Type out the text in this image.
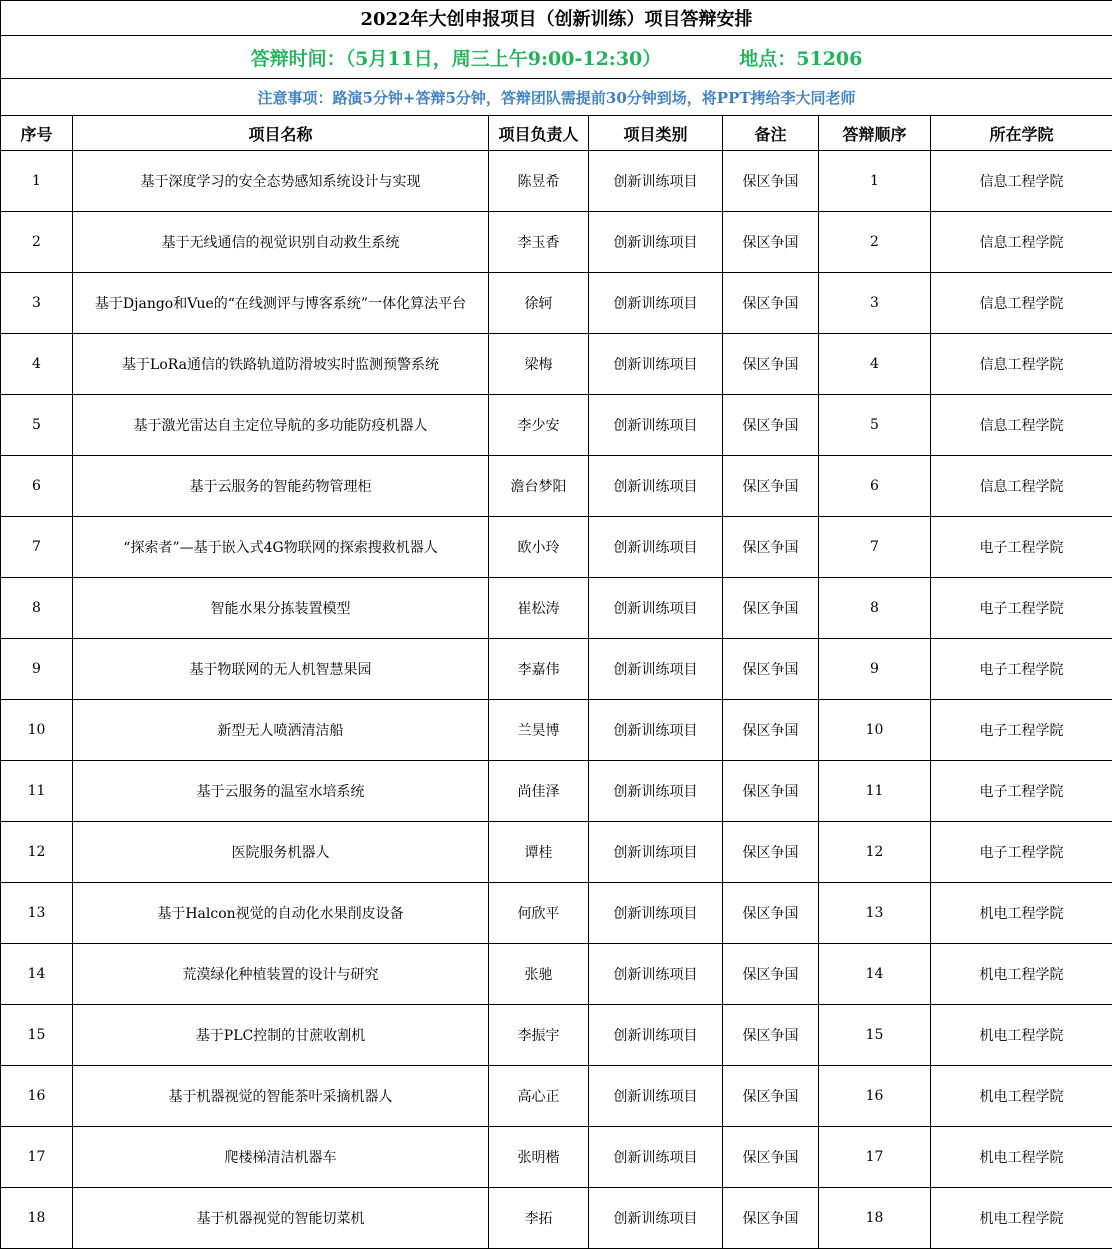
2022年大创申报项目（创新训练）项目答辩安排						
答辩时间：（5月11日，周三上午9:00-12:30） 地点：51206						
注意事项：路演5分钟+答辩5分钟，答辩团队需提前30分钟到场，将PPT拷给李大同老师						
序号	项目名称	项目负责人	项目类别	备注	答辩顺序	所在学院
1	基于深度学习的安全态势感知系统设计与实现	陈昱希	创新训练项目	保区争国	1	信息工程学院
2	基于无线通信的视觉识别自动救生系统	李玉香	创新训练项目	保区争国	2	信息工程学院
3	基于Django和Vue的“在线测评与博客系统”一体化算法平台	徐轲	创新训练项目	保区争国	3	信息工程学院
4	基于LoRa通信的铁路轨道防滑坡实时监测预警系统	梁梅	创新训练项目	保区争国	4	信息工程学院
5	基于激光雷达自主定位导航的多功能防疫机器人	李少安	创新训练项目	保区争国	5	信息工程学院
6	基于云服务的智能药物管理柜	澹台梦阳	创新训练项目	保区争国	6	信息工程学院
7	“探索者”—基于嵌入式4G物联网的探索搜救机器人	欧小玲	创新训练项目	保区争国	7	电子工程学院
8	智能水果分拣装置模型	崔松涛	创新训练项目	保区争国	8	电子工程学院
9	基于物联网的无人机智慧果园	李嘉伟	创新训练项目	保区争国	9	电子工程学院
10	新型无人喷洒清洁船	兰昊博	创新训练项目	保区争国	10	电子工程学院
11	基于云服务的温室水培系统	尚佳泽	创新训练项目	保区争国	11	电子工程学院
12	医院服务机器人	谭桂	创新训练项目	保区争国	12	电子工程学院
13	基于Halcon视觉的自动化水果削皮设备	何欣平	创新训练项目	保区争国	13	机电工程学院
14	荒漠绿化种植装置的设计与研究	张驰	创新训练项目	保区争国	14	机电工程学院
15	基于PLC控制的甘蔗收割机	李振宇	创新训练项目	保区争国	15	机电工程学院
16	基于机器视觉的智能茶叶采摘机器人	高心正	创新训练项目	保区争国	16	机电工程学院
17	爬楼梯清洁机器车	张明楷	创新训练项目	保区争国	17	机电工程学院
18	基于机器视觉的智能切菜机	李拓	创新训练项目	保区争国	18	机电工程学院
